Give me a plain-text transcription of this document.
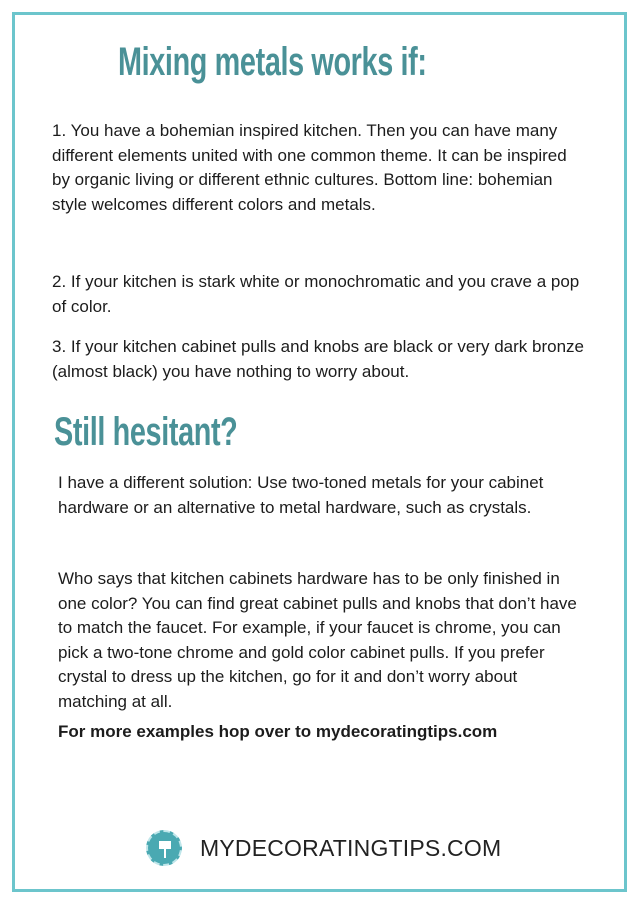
Mixing metals works if:

1. You have a bohemian inspired kitchen. Then you can have many different elements united with one common theme. It can be inspired by organic living or different ethnic cultures. Bottom line: bohemian style welcomes different colors and metals.

2. If your kitchen is stark white or monochromatic and you crave a pop of color.

3. If your kitchen cabinet pulls and knobs are black or very dark bronze (almost black) you have nothing to worry about.

Still hesitant?

I have a different solution: Use two-toned metals for your cabinet hardware or an alternative to metal hardware, such as crystals.

Who says that kitchen cabinets hardware has to be only finished in one color? You can find great cabinet pulls and knobs that don’t have to match the faucet. For example, if your faucet is chrome, you can pick a two-tone chrome and gold color cabinet pulls. If you prefer crystal to dress up the kitchen, go for it and don’t worry about matching at all.

For more examples hop over to mydecoratingtips.com

MYDECORATINGTIPS.COM
